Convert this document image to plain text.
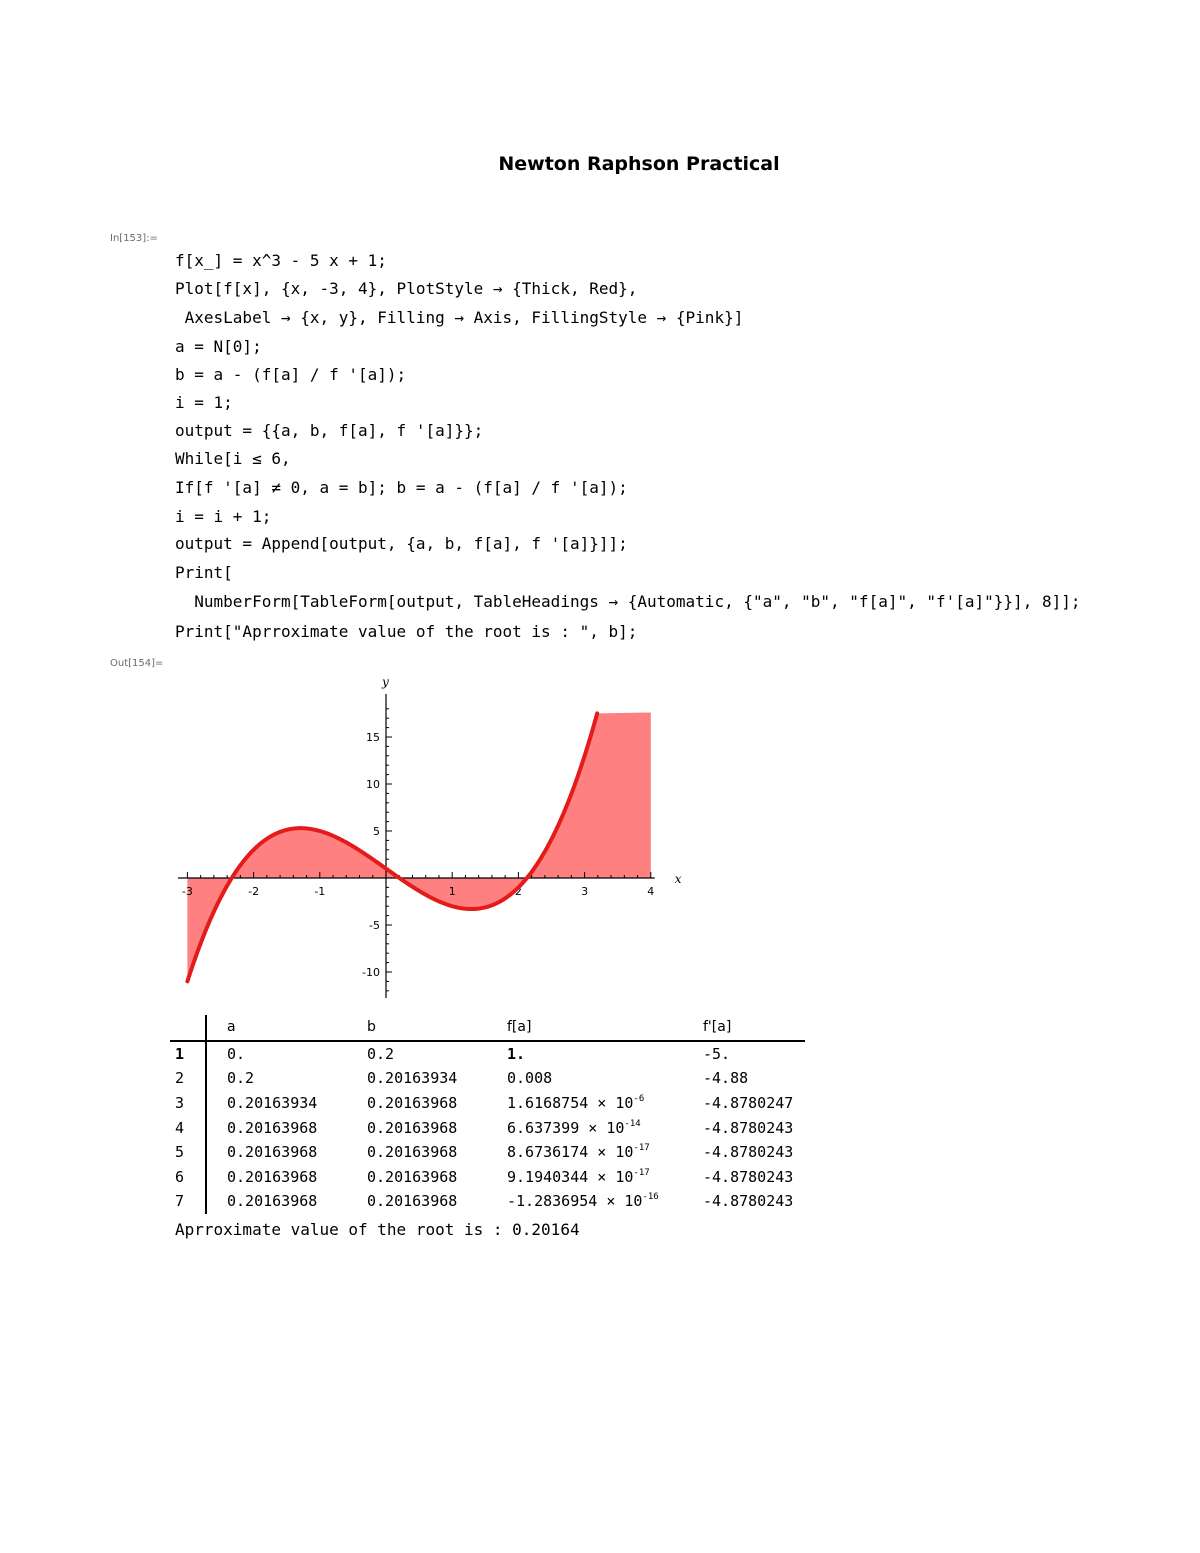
Newton Raphson Practical
In[153]:=
f[x_] = x^3 - 5 x + 1;
Plot[f[x], {x, -3, 4}, PlotStyle → {Thick, Red},
AxesLabel → {x, y}, Filling → Axis, FillingStyle → {Pink}]
a = N[0];
b = a - (f[a] / f '[a]);
i = 1;
output = {{a, b, f[a], f '[a]}};
While[i ≤ 6,
If[f '[a] ≠ 0, a = b]; b = a - (f[a] / f '[a]);
i = i + 1;
output = Append[output, {a, b, f[a], f '[a]}]];
Print[
NumberForm[TableForm[output, TableHeadings → {Automatic, {"a", "b", "f[a]", "f'[a]"}}], 8]];
Print["Aprroximate value of the root is : ", b];
Out[154]=
-3	-2	-1	1	2	3	4
15
10
5
-5
-10
x
y
	a	b	f[a]	f'[a]
1	0.	0.2	1.	-5.
2	0.2	0.20163934	0.008	-4.88
3	0.20163934	0.20163968	$1.6168754 \times 10^{-6}$	-4.8780247
4	0.20163968	0.20163968	$6.637399 \times 10^{-14}$	-4.8780243
5	0.20163968	0.20163968	$8.6736174 \times 10^{-17}$	-4.8780243
6	0.20163968	0.20163968	$9.1940344 \times 10^{-17}$	-4.8780243
7	0.20163968	0.20163968	$-1.2836954 \times 10^{-16}$	-4.8780243
Aprroximate value of the root is : 0.20164
